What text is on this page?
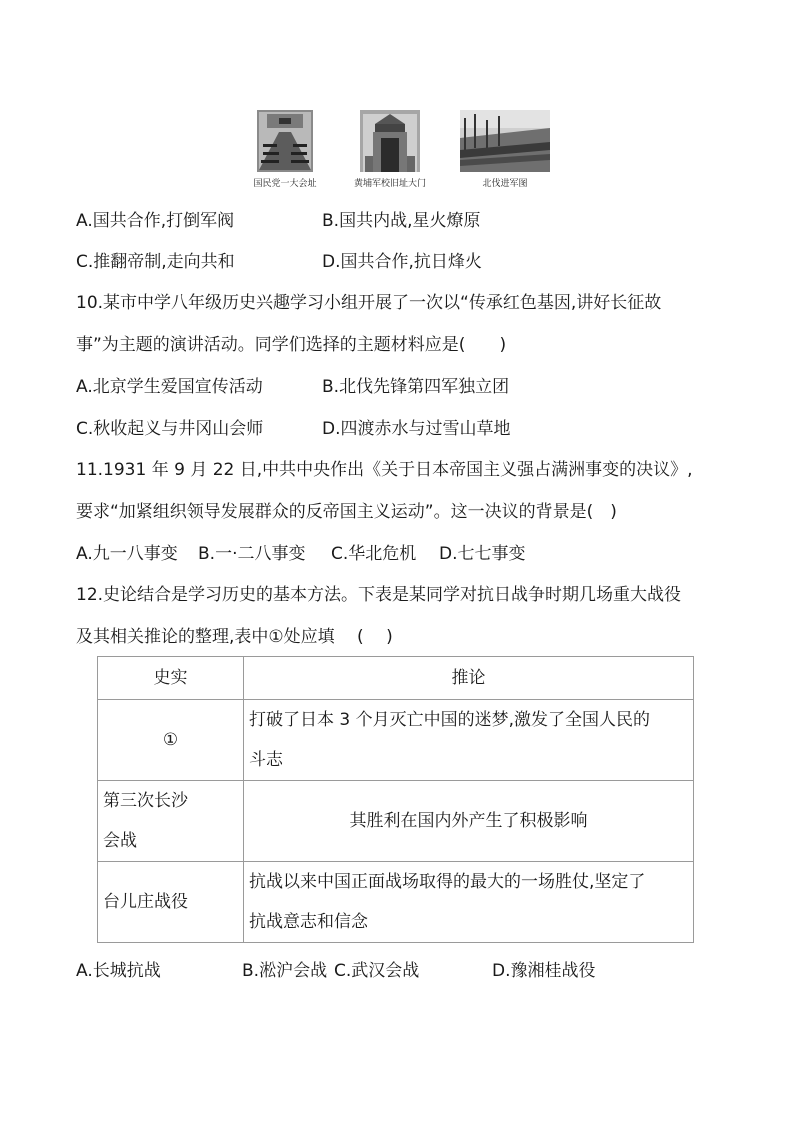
国民党一大会址	黄埔军校旧址大门	北伐进军图
A.国共合作,打倒军阀	B.国共内战,星火燎原
C.推翻帝制,走向共和	D.国共合作,抗日烽火
10.某市中学八年级历史兴趣学习小组开展了一次以“传承红色基因,讲好长征故
事”为主题的演讲活动。同学们选择的主题材料应是(　　)
A.北京学生爱国宣传活动	B.北伐先锋第四军独立团
C.秋收起义与井冈山会师	D.四渡赤水与过雪山草地
11.1931 年 9 月 22 日,中共中央作出《关于日本帝国主义强占满洲事变的决议》,
要求“加紧组织领导发展群众的反帝国主义运动”。这一决议的背景是(　)
A.九一八事变 B.一·二八事变 C.华北危机 D.七七事变
12.史论结合是学习历史的基本方法。下表是某同学对抗日战争时期几场重大战役
及其相关推论的整理,表中①处应填　 (　 )
史实	推论
①	打破了日本 3 个月灭亡中国的迷梦,激发了全国人民的
斗志

第三次长沙
会战	其胜利在国内外产生了积极影响
台儿庄战役	抗战以来中国正面战场取得的最大的一场胜仗,坚定了
抗战意志和信念
A.长城抗战	B.淞沪会战 C.武汉会战	D.豫湘桂战役
